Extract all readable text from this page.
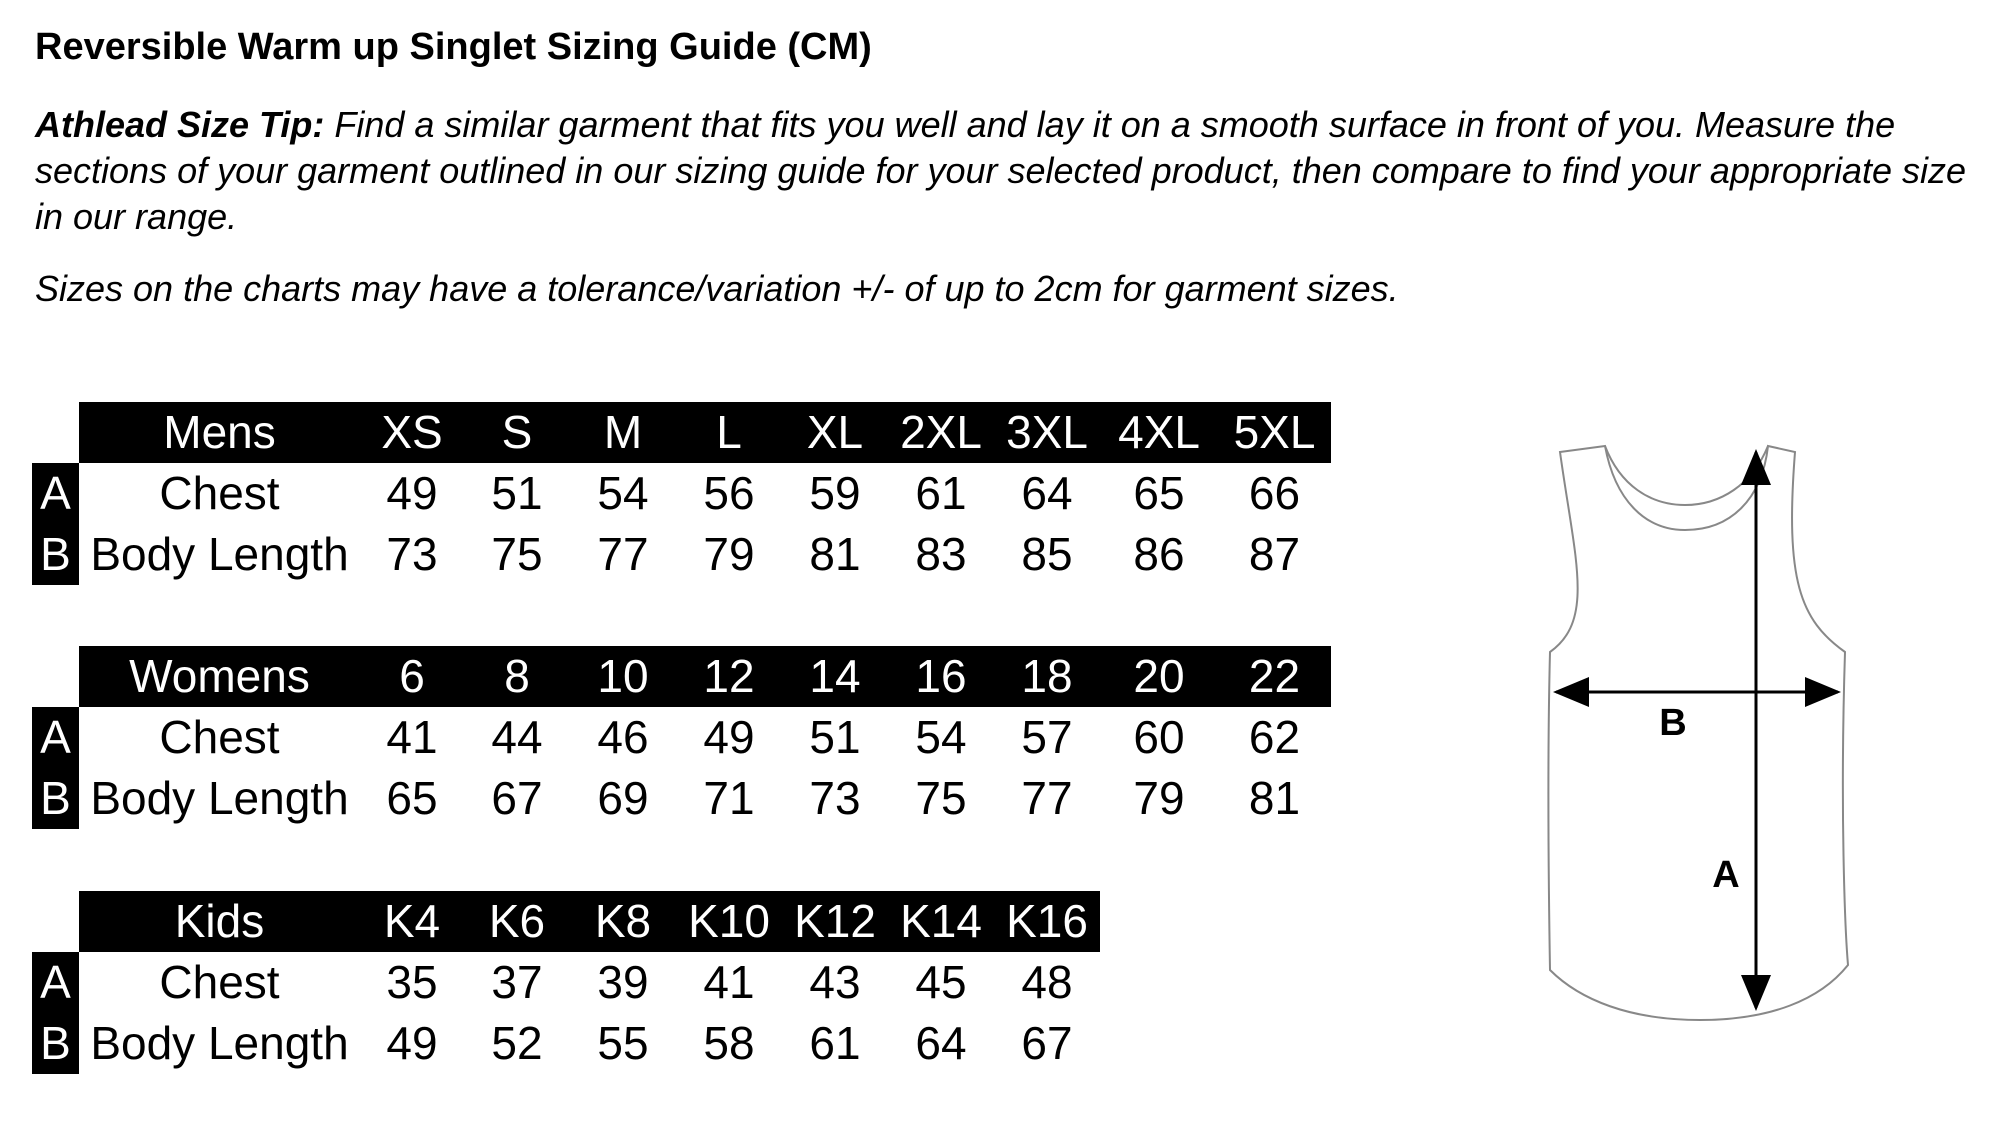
Reversible Warm up Singlet Sizing Guide (CM)
Athlead Size Tip: Find a similar garment that fits you well and lay it on a smooth surface in front of you. Measure the sections of your garment outlined in our sizing guide for your selected product, then compare to find your appropriate size in our range.
Sizes on the charts may have a tolerance/variation +/- of up to 2cm for garment sizes.
Mens	XS	S	M	L	XL 2XL 3XL 4XL 5XL
A	Chest	49	51	54	56	59	61	64	65	66
B Body Length 73	75	77	79	81	83	85	86	87
Womens	6	8	10	12	14	16	18	20	22
A	Chest	41	44	46	49	51	54	57	60	62
B Body Length 65	67	69	71	73	75	77	79	81
Kids	K4	K6	K8 K10 K12 K14 K16
A	Chest	35	37	39	41	43	45	48
B Body Length 49	52	55	58	61	64	67
B
A
